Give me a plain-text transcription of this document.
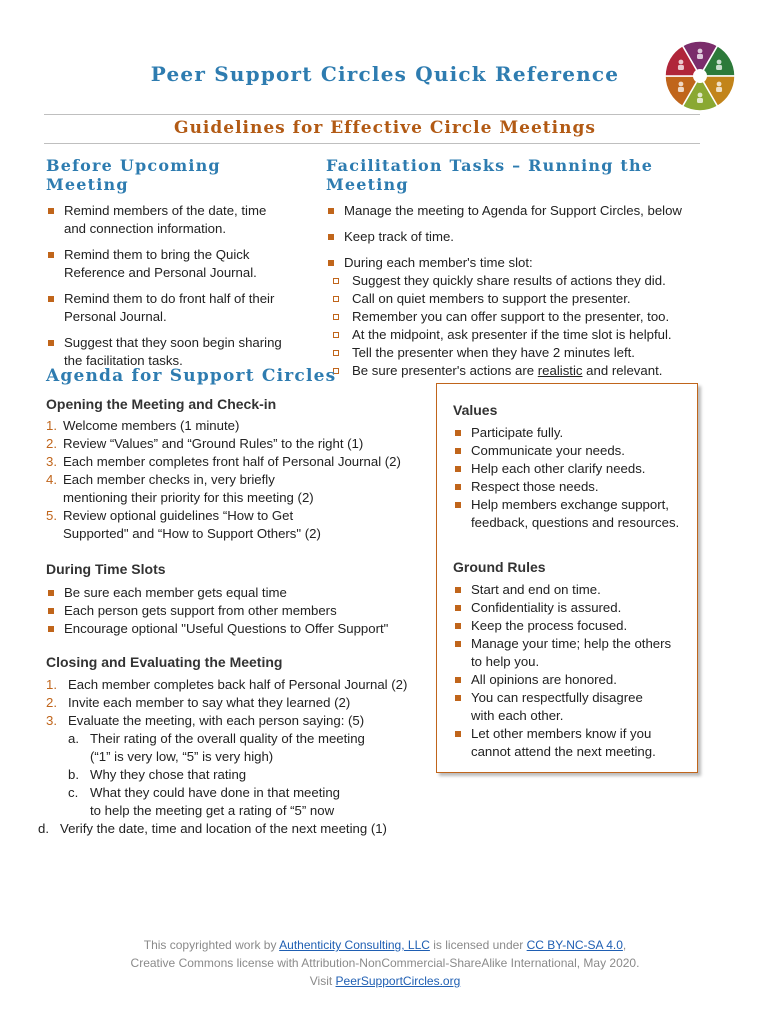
Peer Support Circles Quick Reference
Guidelines for Effective Circle Meetings
Before Upcoming Meeting
Remind members of the date, time and connection information.
Remind them to bring the Quick Reference and Personal Journal.
Remind them to do front half of their Personal Journal.
Suggest that they soon begin sharing the facilitation tasks.
Facilitation Tasks – Running the Meeting
Manage the meeting to Agenda for Support Circles, below
Keep track of time.
During each member's time slot:
Suggest they quickly share results of actions they did.
Call on quiet members to support the presenter.
Remember you can offer support to the presenter, too.
At the midpoint, ask presenter if the time slot is helpful.
Tell the presenter when they have 2 minutes left.
Be sure presenter's actions are realistic and relevant.
Agenda for Support Circles
Opening the Meeting and Check-in
1. Welcome members (1 minute)
2. Review “Values” and “Ground Rules” to the right (1)
3. Each member completes front half of Personal Journal (2)
4. Each member checks in, very briefly mentioning their priority for this meeting (2)
5. Review optional guidelines “How to Get Supported" and “How to Support Others" (2)
During Time Slots
Be sure each member gets equal time
Each person gets support from other members
Encourage optional "Useful Questions to Offer Support"
Closing and Evaluating the Meeting
1. Each member completes back half of Personal Journal (2)
2. Invite each member to say what they learned (2)
3. Evaluate the meeting, with each person saying: (5)
a. Their rating of the overall quality of the meeting (“1” is very low, “5” is very high)
b. Why they chose that rating
c. What they could have done in that meeting to help the meeting get a rating of “5” now
d. Verify the date, time and location of the next meeting (1)
Values
Participate fully.
Communicate your needs.
Help each other clarify needs.
Respect those needs.
Help members exchange support, feedback, questions and resources.
Ground Rules
Start and end on time.
Confidentiality is assured.
Keep the process focused.
Manage your time; help the others to help you.
All opinions are honored.
You can respectfully disagree with each other.
Let other members know if you cannot attend the next meeting.
This copyrighted work by Authenticity Consulting, LLC is licensed under CC BY-NC-SA 4.0,
Creative Commons license with Attribution-NonCommercial-ShareAlike International, May 2020.
Visit PeerSupportCircles.org
